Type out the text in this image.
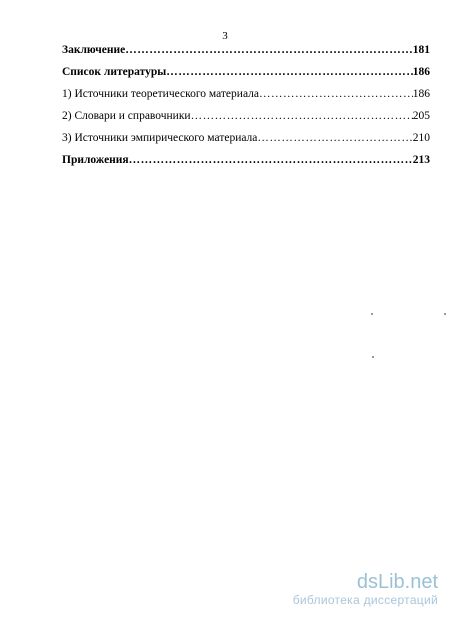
3
Заключение ……………………………………………………………………………………………………………………………………………………………	181
Список литературы ……………………………………………………………………………………………………………………………………………………………	186
1) Источники теоретического материала ……………………………………………………………………………………………………………………………………………………………	186
2) Словари и справочники ……………………………………………………………………………………………………………………………………………………………	205
3) Источники эмпирического материала ……………………………………………………………………………………………………………………………………………………………	210
Приложения ……………………………………………………………………………………………………………………………………………………………	213
dsLib.net
библиотека диссертаций
